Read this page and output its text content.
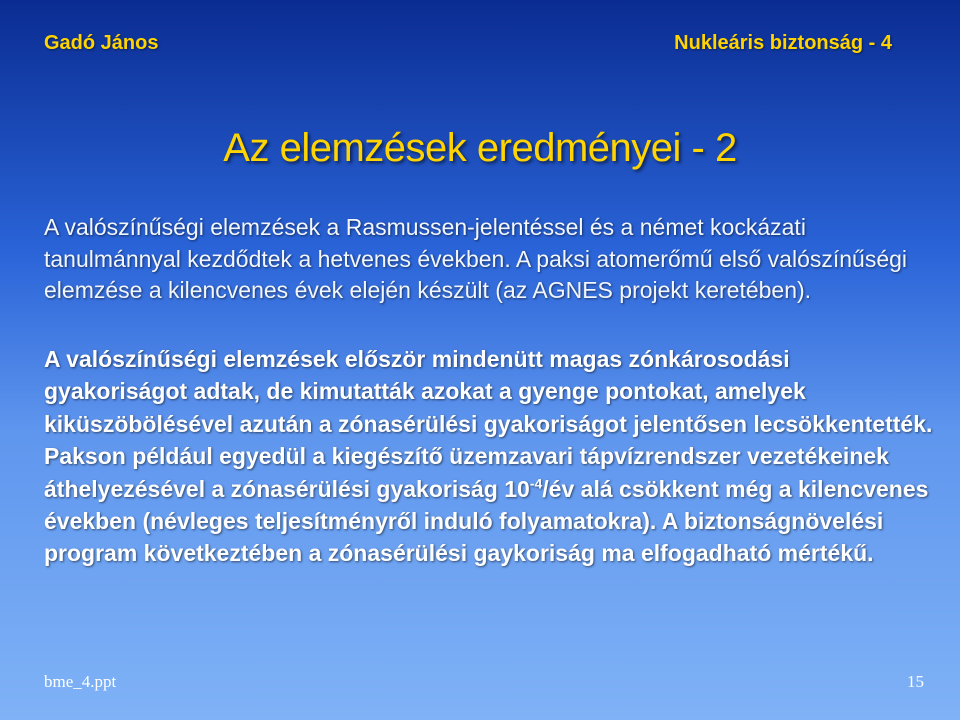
Gadó János	Nukleáris biztonság - 4
Az elemzések eredményei - 2
A valószínűségi elemzések a Rasmussen-jelentéssel és a német kockázati tanulmánnyal kezdődtek a hetvenes években. A paksi atomerőmű első valószínűségi elemzése a kilencvenes évek elején készült (az AGNES projekt keretében).
A valószínűségi elemzések először mindenütt magas zónkárosodási gyakoriságot adtak, de kimutatták azokat a gyenge pontokat, amelyek kiküszöbölésével azután a zónasérülési gyakoriságot jelentősen lecsökkentették. Pakson például egyedül a kiegészítő üzemzavari tápvízrendszer vezetékeinek áthelyezésével a zónasérülési gyakoriság $10^{-4}/év$ alá csökkent még a kilencvenes években (névleges teljesítményről induló folyamatokra). A biztonságnövelési program következtében a zónasérülési gaykoriság ma elfogadható mértékű.
bme_4.ppt	15
